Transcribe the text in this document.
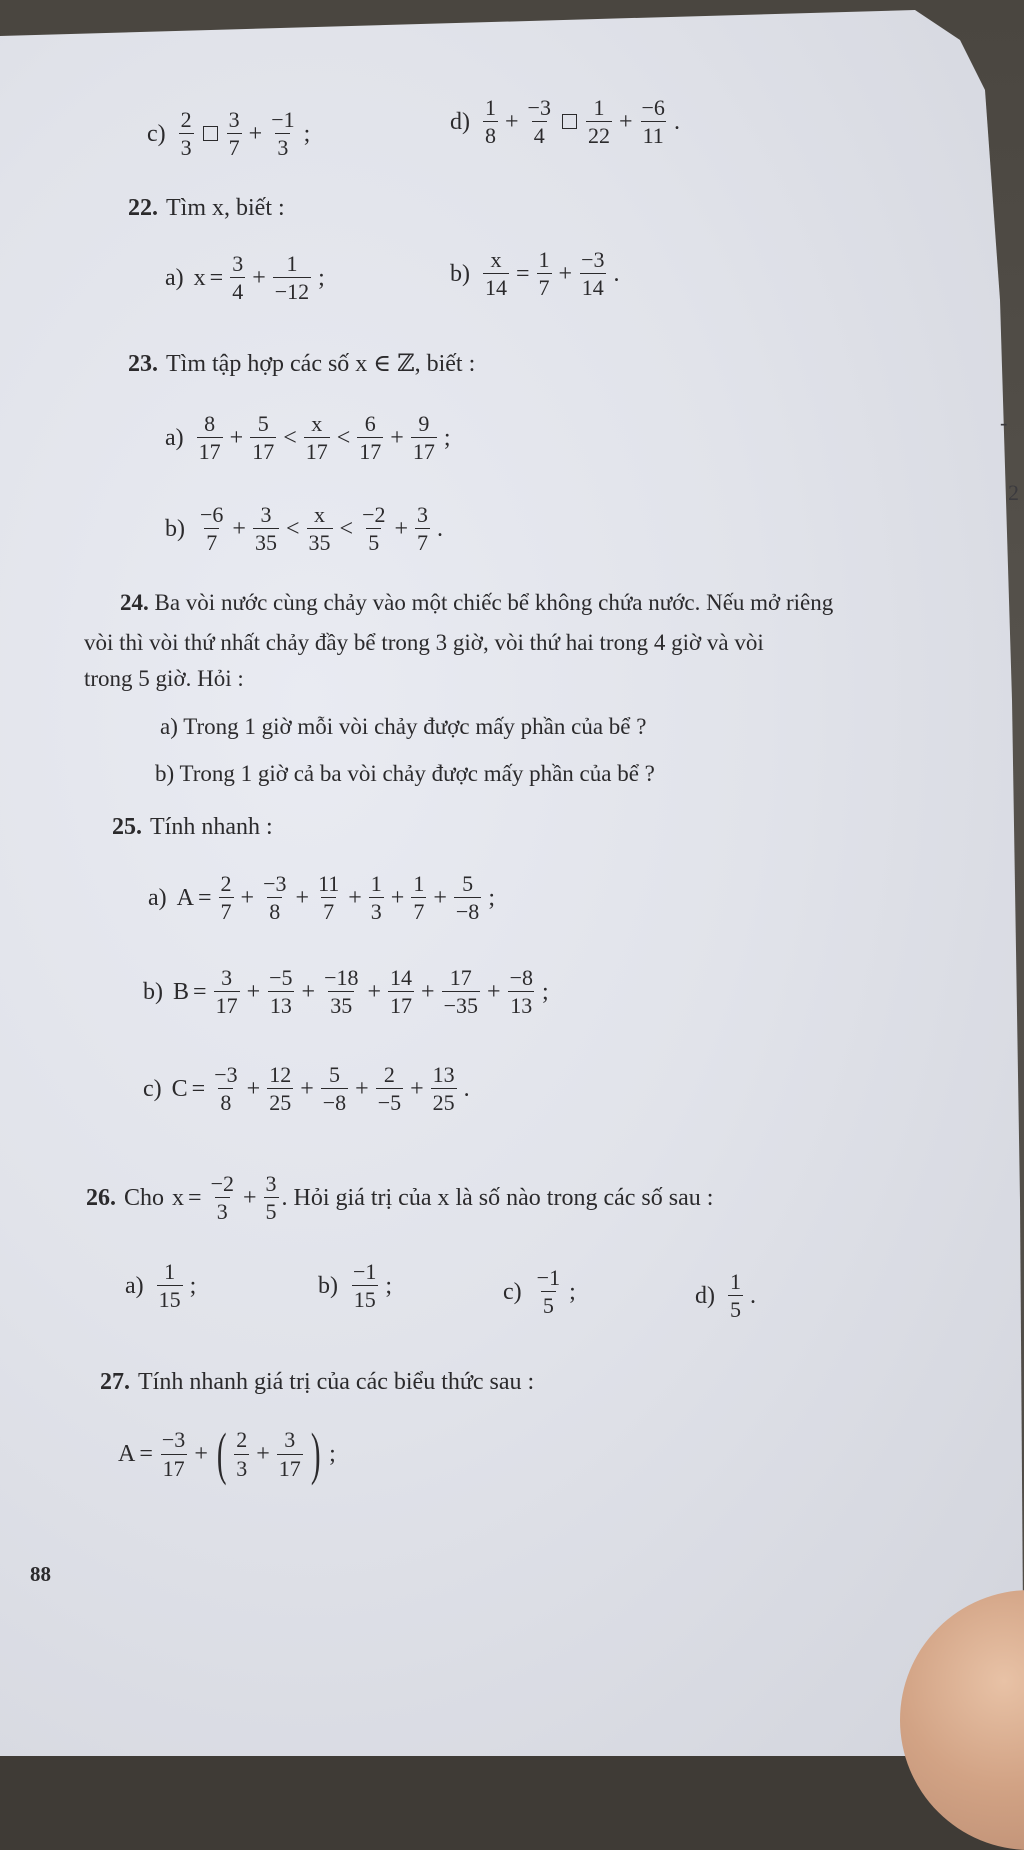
$c) \frac{2}{3} \frac{3}{7} + \frac{-1}{3}$ ;	$d) \frac{1}{8} + \frac{-3}{4} \frac{1}{22} + \frac{-6}{11}$ .
22. Tìm x, biết :
a) $x = \frac{3}{4} + \frac{1}{-12}$ ;	$b) \frac{x}{14} = \frac{1}{7} + \frac{-3}{14}$ .
23. Tìm tập hợp các số x ∈ ℤ, biết :
$a) \frac{8}{17} + \frac{5}{17} < \frac{x}{17} < \frac{6}{17} + \frac{9}{17}$ ;
$b) \frac{-6}{7} + \frac{3}{35} < \frac{x}{35} < \frac{-2}{5} + \frac{3}{7}$ .
24. Ba vòi nước cùng chảy vào một chiếc bể không chứa nước. Nếu mở riêng
vòi thì vòi thứ nhất chảy đầy bể trong 3 giờ, vòi thứ hai trong 4 giờ và vòi
trong 5 giờ. Hỏi :
a) Trong 1 giờ mỗi vòi chảy được mấy phần của bể ?
b) Trong 1 giờ cả ba vòi chảy được mấy phần của bể ?
25. Tính nhanh :
a) $A = \frac{2}{7} + \frac{-3}{8} + \frac{11}{7} + \frac{1}{3} + \frac{1}{7} + \frac{5}{-8}$ ;
b) $B = \frac{3}{17} + \frac{-5}{13} + \frac{-18}{35} + \frac{14}{17} + \frac{17}{-35} + \frac{-8}{13}$ ;
c) $C = \frac{-3}{8} + \frac{12}{25} + \frac{5}{-8} + \frac{2}{-5} + \frac{13}{25}$ .
26. Cho $x = \frac{-2}{3} + \frac{3}{5}$ . Hỏi giá trị của x là số nào trong các số sau :
$a) \frac{1}{15}$ ;	$b) \frac{-1}{15}$ ;	$c) \frac{-1}{5}$ ;	$d) \frac{1}{5}$ .
27. Tính nhanh giá trị của các biểu thức sau :
$A = \frac{-3}{17}$ + ( $\frac{2}{3} + \frac{3}{17}$ ) ;
-
2
88
